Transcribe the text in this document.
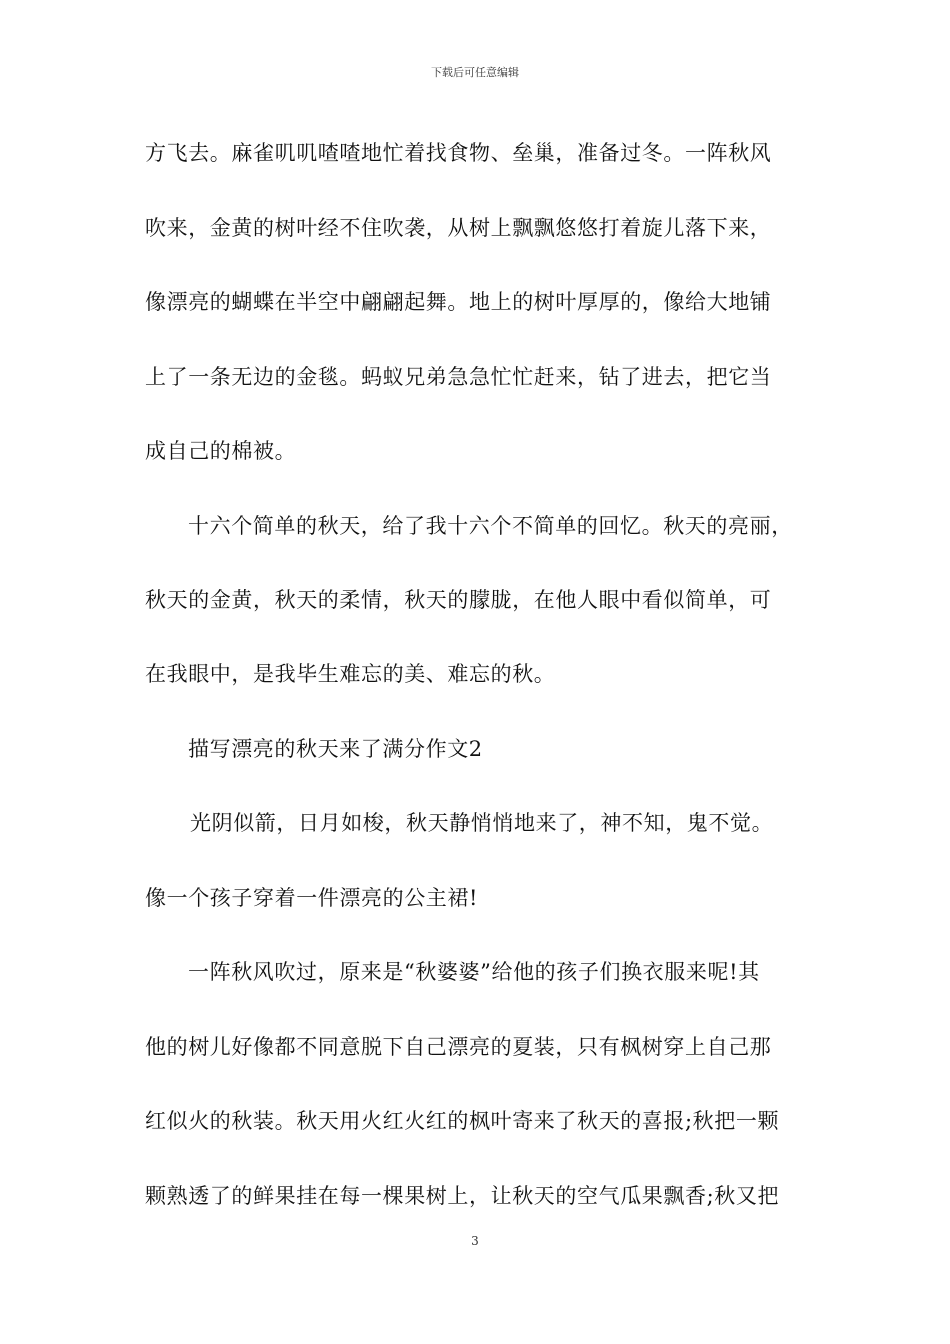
下载后可任意编辑
方飞去。麻雀叽叽喳喳地忙着找食物、垒巢，准备过冬。一阵秋风
吹来，金黄的树叶经不住吹袭，从树上飘飘悠悠打着旋儿落下来，
像漂亮的蝴蝶在半空中翩翩起舞。地上的树叶厚厚的，像给大地铺
上了一条无边的金毯。蚂蚁兄弟急急忙忙赶来，钻了进去，把它当
成自己的棉被。
十六个简单的秋天，给了我十六个不简单的回忆。秋天的亮丽，
秋天的金黄，秋天的柔情，秋天的朦胧，在他人眼中看似简单，可
在我眼中，是我毕生难忘的美、难忘的秋。
描写漂亮的秋天来了满分作文2
光阴似箭，日月如梭，秋天静悄悄地来了，神不知，鬼不觉。
像一个孩子穿着一件漂亮的公主裙!
一阵秋风吹过，原来是“秋婆婆”给他的孩子们换衣服来呢!其
他的树儿好像都不同意脱下自己漂亮的夏装，只有枫树穿上自己那
红似火的秋装。秋天用火红火红的枫叶寄来了秋天的喜报;秋把一颗
颗熟透了的鲜果挂在每一棵果树上，让秋天的空气瓜果飘香;秋又把
3
